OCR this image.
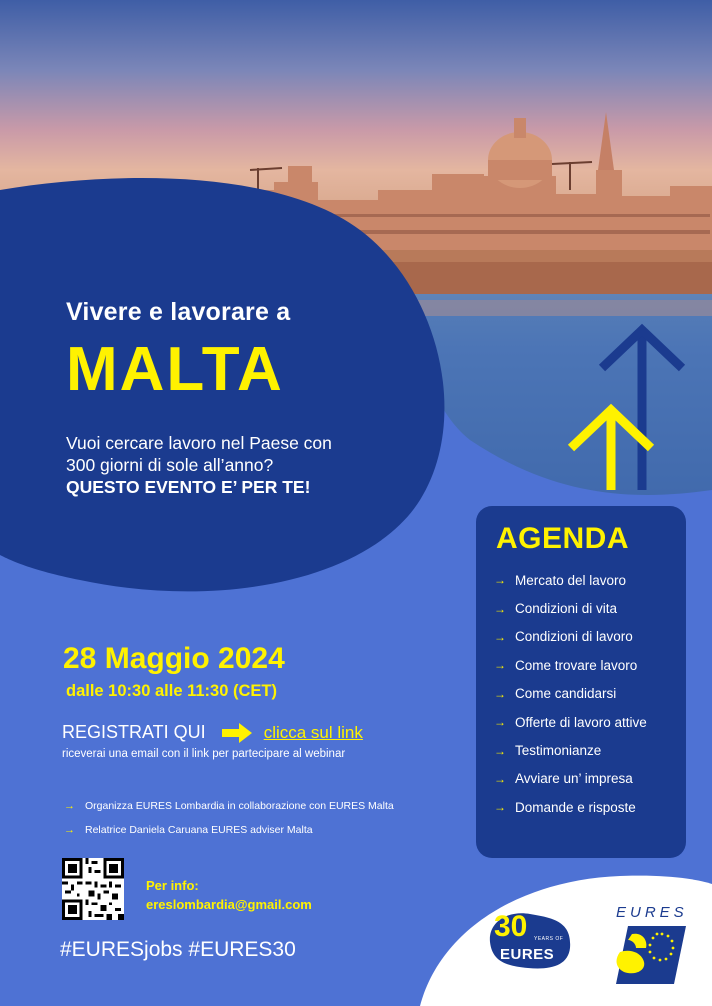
Vivere e lavorare a
MALTA
Vuoi cercare lavoro nel Paese con
300 giorni di sole all’anno?
QUESTO EVENTO E’ PER TE!
28 Maggio 2024
dalle 10:30 alle 11:30 (CET)
REGISTRATI QUI	clicca sul link
riceverai una email con il link per partecipare al webinar
→ Organizza EURES Lombardia in collaborazione con EURES Malta
→ Relatrice Daniela Caruana EURES adviser Malta
Per info:
ereslombardia@gmail.com
#EURESjobs #EURES30
AGENDA
→ Mercato del lavoro
→ Condizioni di vita
→ Condizioni di lavoro
→ Come trovare lavoro
→ Come candidarsi
→ Offerte di lavoro attive
→ Testimonianze
→ Avviare un’ impresa
→ Domande e risposte
30 YEARS OF
EURES
EURES
